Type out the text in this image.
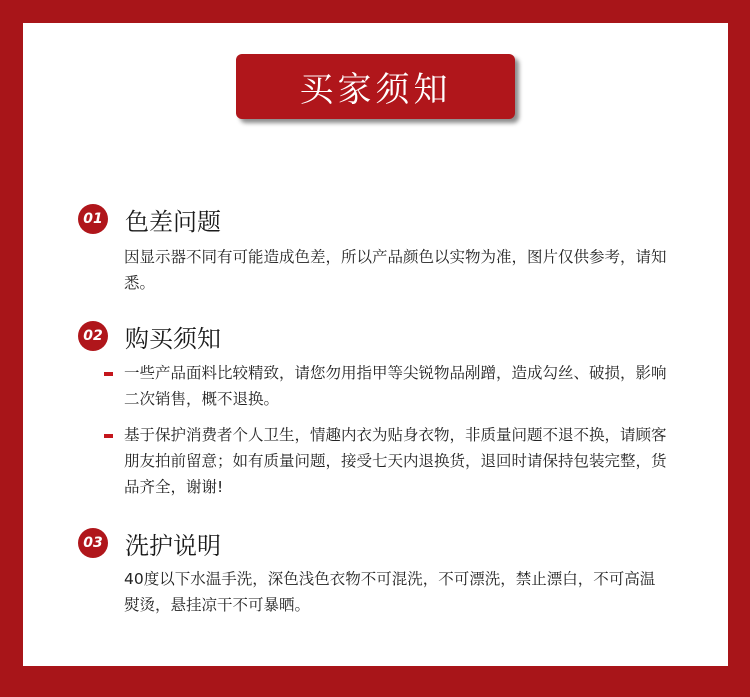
买家须知
01 色差问题

因显示器不同有可能造成色差，所以产品颜色以实物为准，图片仅供参考，请知悉。

02 购买须知

一些产品面料比较精致，请您勿用指甲等尖锐物品剐蹭，造成勾丝、破损，影响二次销售，概不退换。

基于保护消费者个人卫生，情趣内衣为贴身衣物，非质量问题不退不换，请顾客朋友拍前留意；如有质量问题，接受七天内退换货，退回时请保持包装完整，货品齐全，谢谢!

03 洗护说明

40度以下水温手洗，深色浅色衣物不可混洗，不可漂洗，禁止漂白，不可高温熨烫，悬挂凉干不可暴晒。
